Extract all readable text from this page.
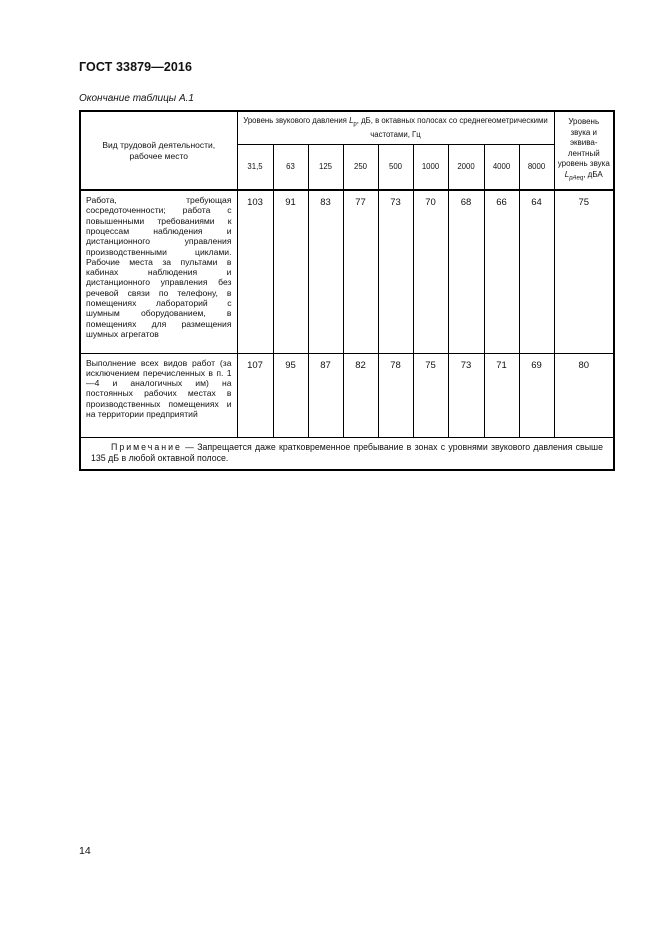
ГОСТ 33879—2016
Окончание таблицы А.1
Вид трудовой деятельности, рабочее место	Уровень звукового давления $L_p$, дБ, в октавных полосах со среднегеометрическими частотами, Гц									Уровень звука и эквива-лентный уровень звука $L_{pAeq}$, дБА
	31,5	63	125	250	500	1000	2000	4000	8000	
Работа, требующая сосредоточенности; работа с повышенными требованиями к процессам наблюдения и дистанционного управления производственными циклами. Рабочие места за пультами в кабинах наблюдения и дистанционного управления без речевой связи по телефону, в помещениях лабораторий с шумным оборудованием, в помещениях для размещения шумных агрегатов	103	91	83	77	73	70	68	66	64	75
Выполнение всех видов работ (за исключением перечисленных в п. 1—4 и аналогичных им) на постоянных рабочих местах в производственных помещениях и на территории предприятий	107	95	87	82	78	75	73	71	69	80
Примечание — Запрещается даже кратковременное пребывание в зонах с уровнями звукового давления свыше 135 дБ в любой октавной полосе.										
14
